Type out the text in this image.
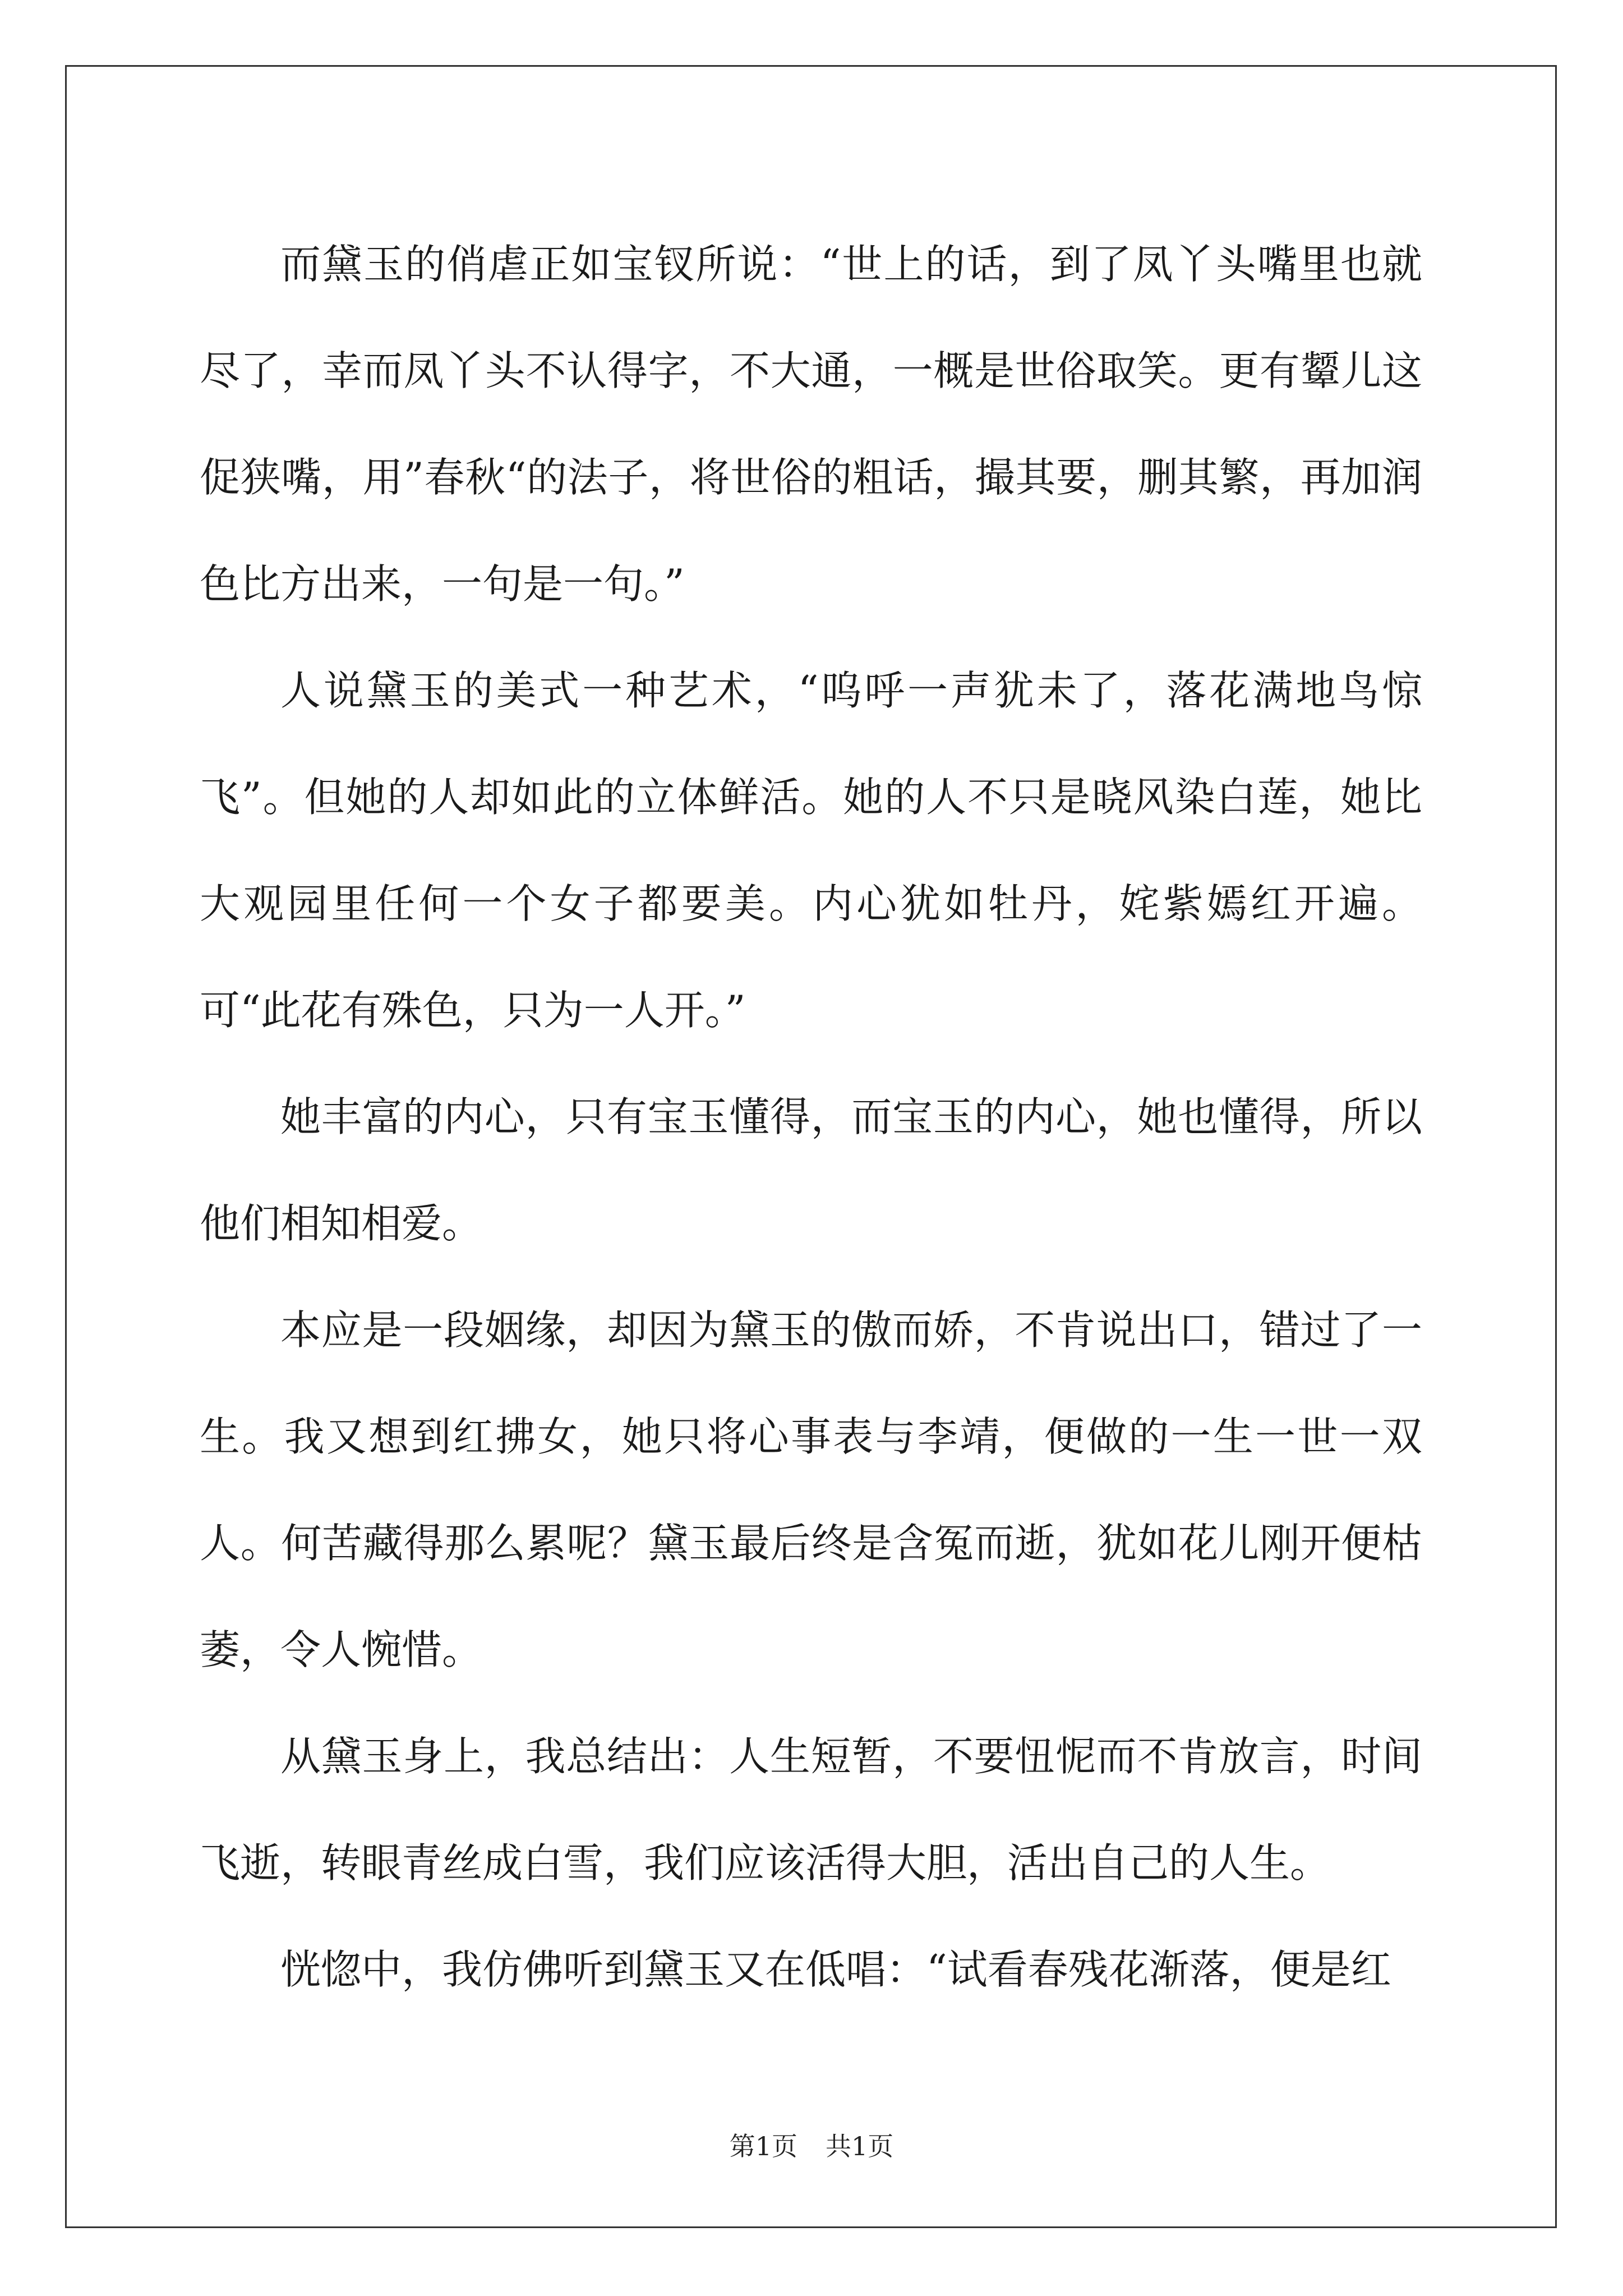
而黛玉的俏虐正如宝钗所说：“世上的话，到了凤丫头嘴里也就尽了，幸而凤丫头不认得字，不大通，一概是世俗取笑。更有颦儿这促狭嘴，用”春秋“的法子，将世俗的粗话，撮其要，删其繁，再加润色比方出来，一句是一句。”

人说黛玉的美式一种艺术，“呜呼一声犹未了，落花满地鸟惊飞”。但她的人却如此的立体鲜活。她的人不只是晓风染白莲，她比大观园里任何一个女子都要美。内心犹如牡丹，姹紫嫣红开遍。可“此花有殊色，只为一人开。”

她丰富的内心，只有宝玉懂得，而宝玉的内心，她也懂得，所以他们相知相爱。

本应是一段姻缘，却因为黛玉的傲而娇，不肯说出口，错过了一生。我又想到红拂女，她只将心事表与李靖，便做的一生一世一双人。何苦藏得那么累呢？黛玉最后终是含冤而逝，犹如花儿刚开便枯萎，令人惋惜。

从黛玉身上，我总结出：人生短暂，不要忸怩而不肯放言，时间飞逝，转眼青丝成白雪，我们应该活得大胆，活出自己的人生。

恍惚中，我仿佛听到黛玉又在低唱：“试看春残花渐落，便是红

第1页 共1页
